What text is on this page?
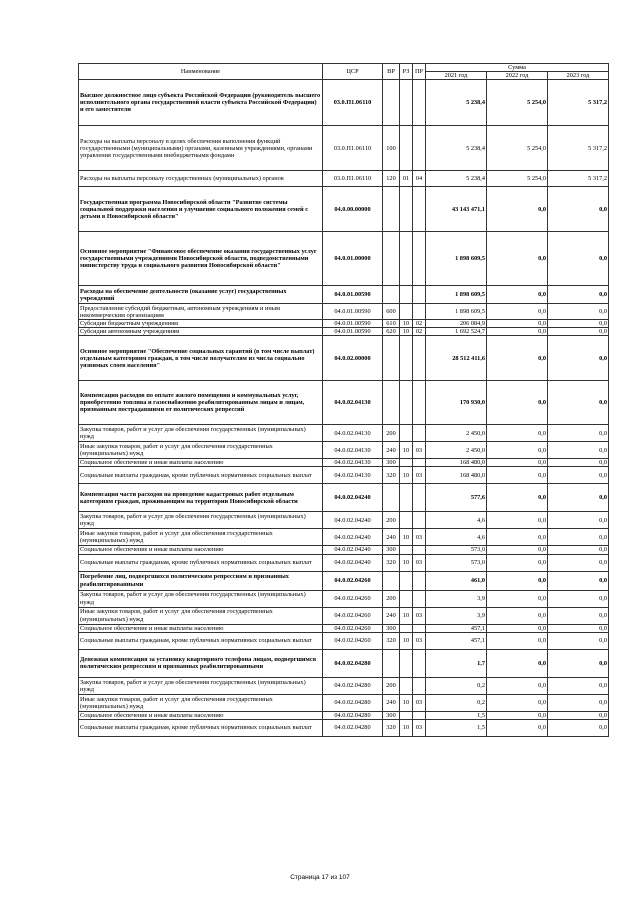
Наименование	ЦСР	ВР	РЗ	ПР	Сумма		
					2021 год	2022 год	2023 год
Высшее должностное лицо субъекта Российской Федерации (руководитель высшего исполнительного органа государственной власти субъекта Российской Федерации) и его заместители	03.0.П1.06110				5 238,4	5 254,0	5 317,2
Расходы на выплаты персоналу в целях обеспечения выполнения функций государственными (муниципальными) органами, казенными учреждениями, органами управления государственными внебюджетными фондами	03.0.П1.06110	100			5 238,4	5 254,0	5 317,2
Расходы на выплаты персоналу государственных (муниципальных) органов	03.0.П1.06110	120	01	04	5 238,4	5 254,0	5 317,2
Государственная программа Новосибирской области "Развитие системы социальной поддержки населения и улучшение социального положения семей с детьми в Новосибирской области"	04.0.00.00000				43 143 471,1	0,0	0,0
Основное мероприятие "Финансовое обеспечение оказания государственных услуг государственными учреждениями Новосибирской области, подведомственными министерству труда и социального развития Новосибирской области"	04.0.01.00000				1 898 609,5	0,0	0,0
Расходы на обеспечение деятельности (оказание услуг) государственных учреждений	04.0.01.00590				1 898 609,5	0,0	0,0
Предоставление субсидий бюджетным, автономным учреждениям и иным некоммерческим организациям	04.0.01.00590	600			1 898 609,5	0,0	0,0
Субсидии бюджетным учреждениям	04.0.01.00590	610	10	02	206 084,9	0,0	0,0
Субсидии автономным учреждениям	04.0.01.00590	620	10	02	1 692 524,7	0,0	0,0
Основное мероприятие "Обеспечение социальных гарантий (в том числе выплат) отдельным категориям граждан, в том числе получателям из числа социально уязвимых слоев населения"	04.0.02.00000				28 512 411,6	0,0	0,0
Компенсация расходов по оплате жилого помещения и коммунальных услуг, приобретению топлива и газоснабжению реабилитированным лицам и лицам, признанным пострадавшими от политических репрессий	04.0.02.04130				170 930,0	0,0	0,0
Закупка товаров, работ и услуг для обеспечения государственных (муниципальных) нужд	04.0.02.04130	200			2 450,0	0,0	0,0
Иные закупки товаров, работ и услуг для обеспечения государственных (муниципальных) нужд	04.0.02.04130	240	10	03	2 450,0	0,0	0,0
Социальное обеспечение и иные выплаты населению	04.0.02.04130	300			168 480,0	0,0	0,0
Социальные выплаты гражданам, кроме публичных нормативных социальных выплат	04.0.02.04130	320	10	03	168 480,0	0,0	0,0
Компенсация части расходов на проведение кадастровых работ отдельным категориям граждан, проживающим на территории Новосибирской области	04.0.02.04240				577,6	0,0	0,0
Закупка товаров, работ и услуг для обеспечения государственных (муниципальных) нужд	04.0.02.04240	200			4,6	0,0	0,0
Иные закупки товаров, работ и услуг для обеспечения государственных (муниципальных) нужд	04.0.02.04240	240	10	03	4,6	0,0	0,0
Социальное обеспечение и иные выплаты населению	04.0.02.04240	300			573,0	0,0	0,0
Социальные выплаты гражданам, кроме публичных нормативных социальных выплат	04.0.02.04240	320	10	03	573,0	0,0	0,0
Погребение лиц, подвергшихся политическим репрессиям и признанных реабилитированными	04.0.02.04260				461,0	0,0	0,0
Закупка товаров, работ и услуг для обеспечения государственных (муниципальных) нужд	04.0.02.04260	200			3,9	0,0	0,0
Иные закупки товаров, работ и услуг для обеспечения государственных (муниципальных) нужд	04.0.02.04260	240	10	03	3,9	0,0	0,0
Социальное обеспечение и иные выплаты населению	04.0.02.04260	300			457,1	0,0	0,0
Социальные выплаты гражданам, кроме публичных нормативных социальных выплат	04.0.02.04260	320	10	03	457,1	0,0	0,0
Денежная компенсация за установку квартирного телефона лицам, подвергшимся политическим репрессиям и признанных реабилитированными	04.0.02.04280				1,7	0,0	0,0
Закупка товаров, работ и услуг для обеспечения государственных (муниципальных) нужд	04.0.02.04280	200			0,2	0,0	0,0
Иные закупки товаров, работ и услуг для обеспечения государственных (муниципальных) нужд	04.0.02.04280	240	10	03	0,2	0,0	0,0
Социальное обеспечение и иные выплаты населению	04.0.02.04280	300			1,5	0,0	0,0
Социальные выплаты гражданам, кроме публичных нормативных социальных выплат	04.0.02.04280	320	10	03	1,5	0,0	0,0
Страница 17 из 107
